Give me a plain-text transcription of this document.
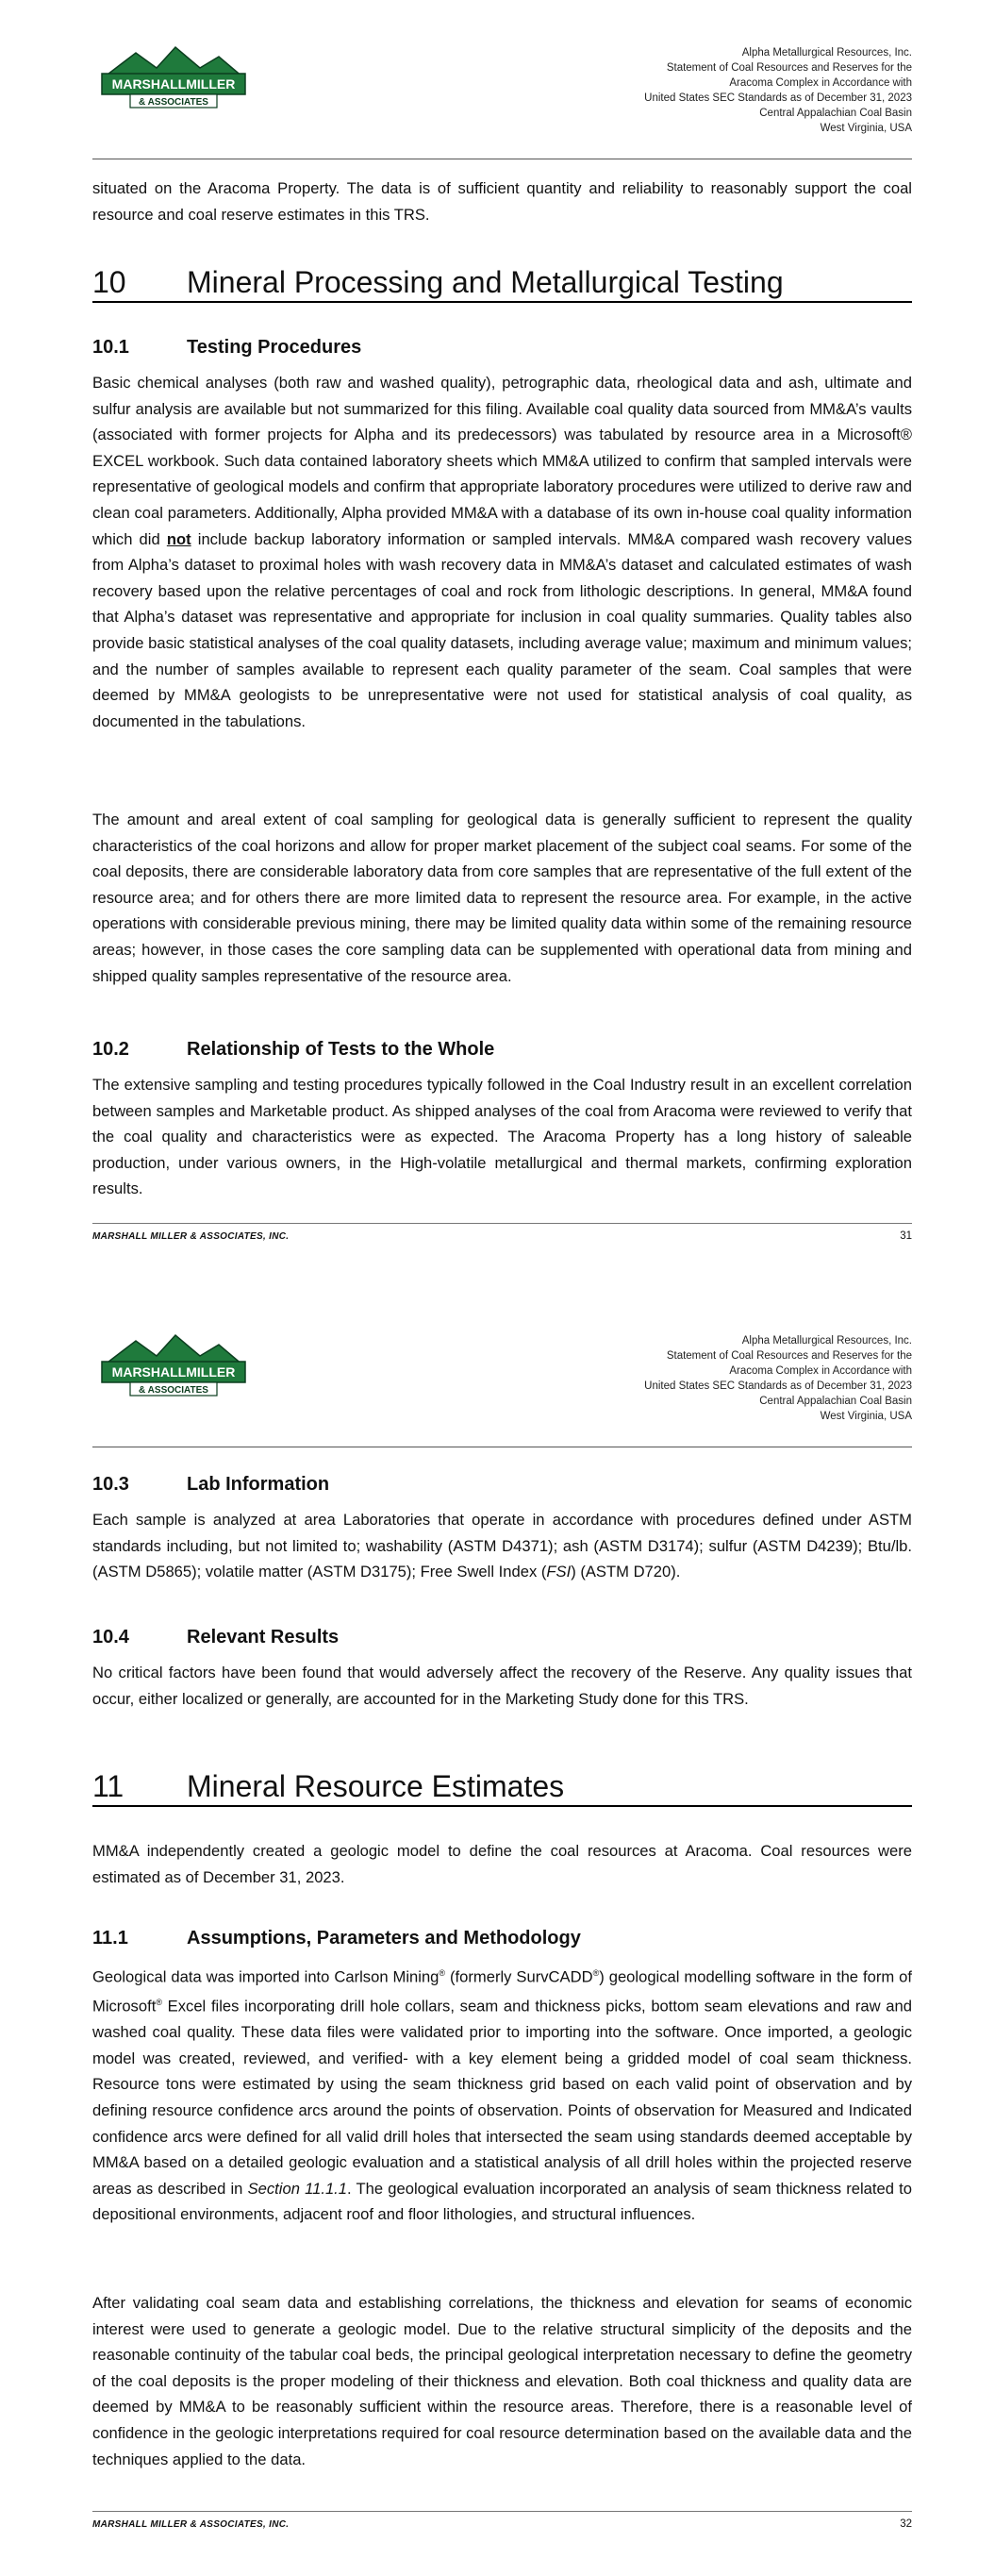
MARSHALLMILLER
& ASSOCIATES
Alpha Metallurgical Resources, Inc.
Statement of Coal Resources and Reserves for the
Aracoma Complex in Accordance with
United States SEC Standards as of December 31, 2023
Central Appalachian Coal Basin
West Virginia, USA

situated on the Aracoma Property. The data is of sufficient quantity and reliability to reasonably support the coal resource and coal reserve estimates in this TRS.

10 Mineral Processing and Metallurgical Testing
10.1	Testing Procedures

Basic chemical analyses (both raw and washed quality), petrographic data, rheological data and ash, ultimate and sulfur analysis are available but not summarized for this filing. Available coal quality data sourced from MM&A’s vaults (associated with former projects for Alpha and its predecessors) was tabulated by resource area in a Microsoft® EXCEL workbook. Such data contained laboratory sheets which MM&A utilized to confirm that sampled intervals were representative of geological models and confirm that appropriate laboratory procedures were utilized to derive raw and clean coal parameters. Additionally, Alpha provided MM&A with a database of its own in-house coal quality information which did not include backup laboratory information or sampled intervals. MM&A compared wash recovery values from Alpha’s dataset to proximal holes with wash recovery data in MM&A’s dataset and calculated estimates of wash recovery based upon the relative percentages of coal and rock from lithologic descriptions. In general, MM&A found that Alpha’s dataset was representative and appropriate for inclusion in coal quality summaries. Quality tables also provide basic statistical analyses of the coal quality datasets, including average value; maximum and minimum values; and the number of samples available to represent each quality parameter of the seam. Coal samples that were deemed by MM&A geologists to be unrepresentative were not used for statistical analysis of coal quality, as documented in the tabulations.

The amount and areal extent of coal sampling for geological data is generally sufficient to represent the quality characteristics of the coal horizons and allow for proper market placement of the subject coal seams. For some of the coal deposits, there are considerable laboratory data from core samples that are representative of the full extent of the resource area; and for others there are more limited data to represent the resource area. For example, in the active operations with considerable previous mining, there may be limited quality data within some of the remaining resource areas; however, in those cases the core sampling data can be supplemented with operational data from mining and shipped quality samples representative of the resource area.

10.2	Relationship of Tests to the Whole

The extensive sampling and testing procedures typically followed in the Coal Industry result in an excellent correlation between samples and Marketable product. As shipped analyses of the coal from Aracoma were reviewed to verify that the coal quality and characteristics were as expected. The Aracoma Property has a long history of saleable production, under various owners, in the High-volatile metallurgical and thermal markets, confirming exploration results.

MARSHALL MILLER & ASSOCIATES, INC.	31
MARSHALLMILLER
& ASSOCIATES
Alpha Metallurgical Resources, Inc.
Statement of Coal Resources and Reserves for the
Aracoma Complex in Accordance with
United States SEC Standards as of December 31, 2023
Central Appalachian Coal Basin
West Virginia, USA
10.3	Lab Information

Each sample is analyzed at area Laboratories that operate in accordance with procedures defined under ASTM standards including, but not limited to; washability (ASTM D4371); ash (ASTM D3174); sulfur (ASTM D4239); Btu/lb. (ASTM D5865); volatile matter (ASTM D3175); Free Swell Index (FSI) (ASTM D720).

10.4	Relevant Results

No critical factors have been found that would adversely affect the recovery of the Reserve. Any quality issues that occur, either localized or generally, are accounted for in the Marketing Study done for this TRS.

11 Mineral Resource Estimates

MM&A independently created a geologic model to define the coal resources at Aracoma. Coal resources were estimated as of December 31, 2023.

11.1	Assumptions, Parameters and Methodology

Geological data was imported into Carlson Mining® (formerly SurvCADD®) geological modelling software in the form of Microsoft® Excel files incorporating drill hole collars, seam and thickness picks, bottom seam elevations and raw and washed coal quality. These data files were validated prior to importing into the software. Once imported, a geologic model was created, reviewed, and verified- with a key element being a gridded model of coal seam thickness. Resource tons were estimated by using the seam thickness grid based on each valid point of observation and by defining resource confidence arcs around the points of observation. Points of observation for Measured and Indicated confidence arcs were defined for all valid drill holes that intersected the seam using standards deemed acceptable by MM&A based on a detailed geologic evaluation and a statistical analysis of all drill holes within the projected reserve areas as described in Section 11.1.1. The geological evaluation incorporated an analysis of seam thickness related to depositional environments, adjacent roof and floor lithologies, and structural influences.

After validating coal seam data and establishing correlations, the thickness and elevation for seams of economic interest were used to generate a geologic model. Due to the relative structural simplicity of the deposits and the reasonable continuity of the tabular coal beds, the principal geological interpretation necessary to define the geometry of the coal deposits is the proper modeling of their thickness and elevation. Both coal thickness and quality data are deemed by MM&A to be reasonably sufficient within the resource areas. Therefore, there is a reasonable level of confidence in the geologic interpretations required for coal resource determination based on the available data and the techniques applied to the data.

MARSHALL MILLER & ASSOCIATES, INC.	32
